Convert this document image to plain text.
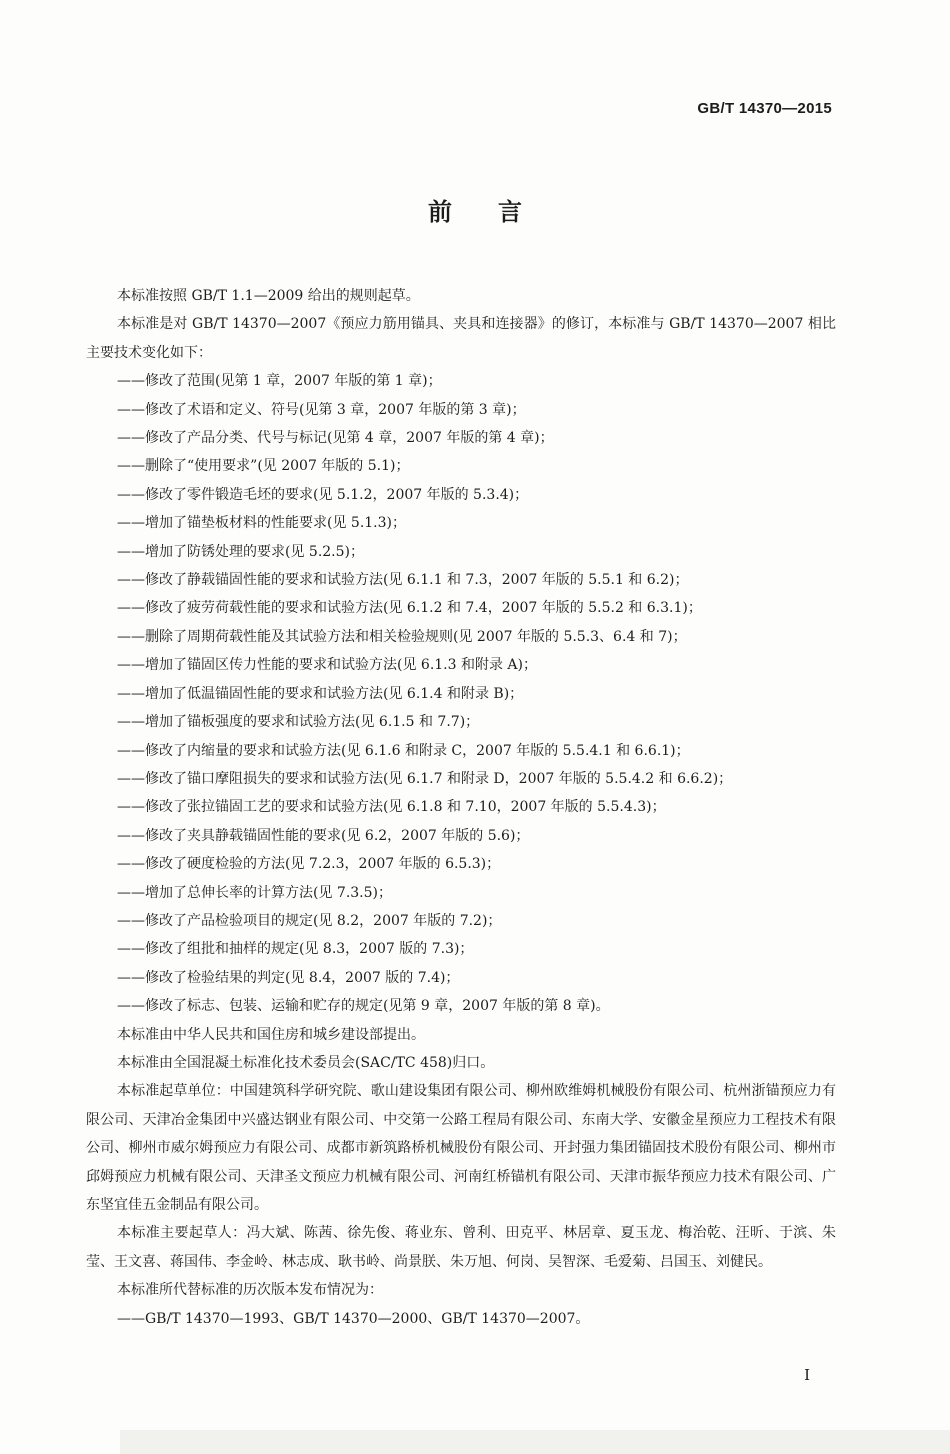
GB/T 14370—2015
前言

本标准按照 GB/T 1.1—2009 给出的规则起草。

本标准是对 GB/T 14370—2007《预应力筋用锚具、夹具和连接器》的修订，本标准与 GB/T 14370—2007 相比主要技术变化如下：

——修改了范围(见第 1 章，2007 年版的第 1 章)；
——修改了术语和定义、符号(见第 3 章，2007 年版的第 3 章)；
——修改了产品分类、代号与标记(见第 4 章，2007 年版的第 4 章)；
——删除了“使用要求”(见 2007 年版的 5.1)；
——修改了零件锻造毛坯的要求(见 5.1.2，2007 年版的 5.3.4)；
——增加了锚垫板材料的性能要求(见 5.1.3)；
——增加了防锈处理的要求(见 5.2.5)；
——修改了静载锚固性能的要求和试验方法(见 6.1.1 和 7.3，2007 年版的 5.5.1 和 6.2)；
——修改了疲劳荷载性能的要求和试验方法(见 6.1.2 和 7.4，2007 年版的 5.5.2 和 6.3.1)；
——删除了周期荷载性能及其试验方法和相关检验规则(见 2007 年版的 5.5.3、6.4 和 7)；
——增加了锚固区传力性能的要求和试验方法(见 6.1.3 和附录 A)；
——增加了低温锚固性能的要求和试验方法(见 6.1.4 和附录 B)；
——增加了锚板强度的要求和试验方法(见 6.1.5 和 7.7)；
——修改了内缩量的要求和试验方法(见 6.1.6 和附录 C，2007 年版的 5.5.4.1 和 6.6.1)；
——修改了锚口摩阻损失的要求和试验方法(见 6.1.7 和附录 D，2007 年版的 5.5.4.2 和 6.6.2)；
——修改了张拉锚固工艺的要求和试验方法(见 6.1.8 和 7.10，2007 年版的 5.5.4.3)；
——修改了夹具静载锚固性能的要求(见 6.2，2007 年版的 5.6)；
——修改了硬度检验的方法(见 7.2.3，2007 年版的 6.5.3)；
——增加了总伸长率的计算方法(见 7.3.5)；
——修改了产品检验项目的规定(见 8.2，2007 年版的 7.2)；
——修改了组批和抽样的规定(见 8.3，2007 版的 7.3)；
——修改了检验结果的判定(见 8.4，2007 版的 7.4)；
——修改了标志、包装、运输和贮存的规定(见第 9 章，2007 年版的第 8 章)。

本标准由中华人民共和国住房和城乡建设部提出。

本标准由全国混凝土标准化技术委员会(SAC/TC 458)归口。

本标准起草单位：中国建筑科学研究院、歌山建设集团有限公司、柳州欧维姆机械股份有限公司、杭州浙锚预应力有限公司、天津冶金集团中兴盛达钢业有限公司、中交第一公路工程局有限公司、东南大学、安徽金星预应力工程技术有限公司、柳州市威尔姆预应力有限公司、成都市新筑路桥机械股份有限公司、开封强力集团锚固技术股份有限公司、柳州市邱姆预应力机械有限公司、天津圣文预应力机械有限公司、河南红桥锚机有限公司、天津市振华预应力技术有限公司、广东坚宜佳五金制品有限公司。

本标准主要起草人：冯大斌、陈茜、徐先俊、蒋业东、曾利、田克平、林居章、夏玉龙、梅治乾、汪昕、于滨、朱莹、王文喜、蒋国伟、李金岭、林志成、耿书岭、尚景朕、朱万旭、何岗、吴智深、毛爱菊、吕国玉、刘健民。

本标准所代替标准的历次版本发布情况为：

——GB/T 14370—1993、GB/T 14370—2000、GB/T 14370—2007。
I
